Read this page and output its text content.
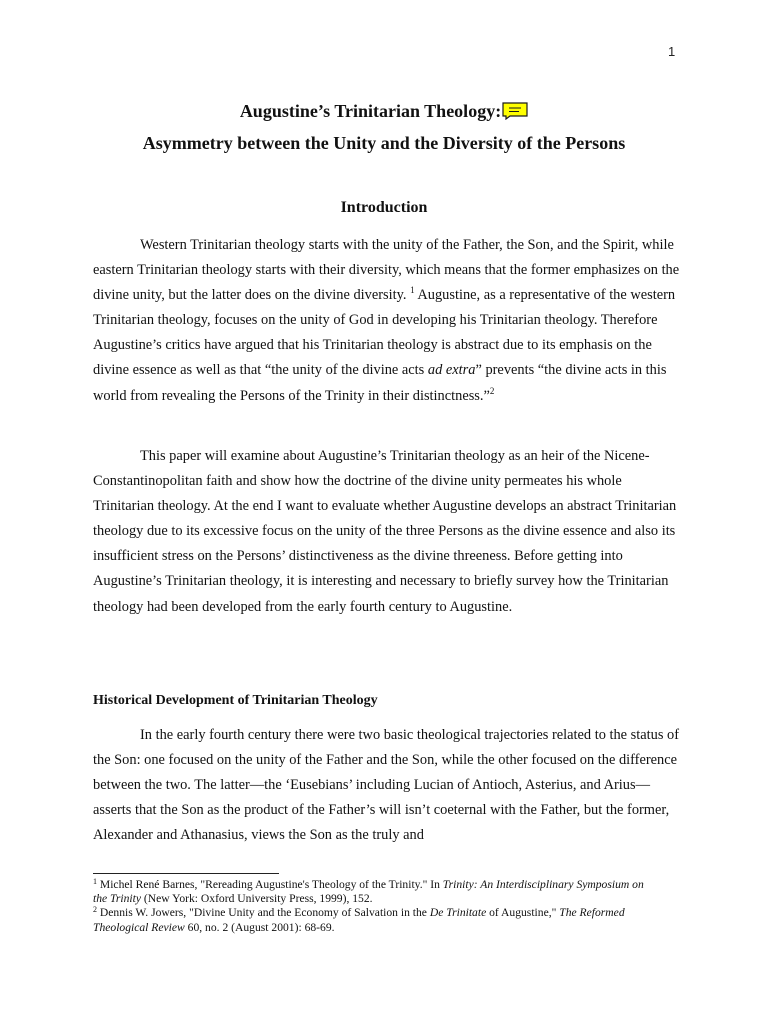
1
Augustine’s Trinitarian Theology:
Asymmetry between the Unity and the Diversity of the Persons
Introduction

Western Trinitarian theology starts with the unity of the Father, the Son, and the Spirit, while eastern Trinitarian theology starts with their diversity, which means that the former emphasizes on the divine unity, but the latter does on the divine diversity. $^1$ Augustine, as a representative of the western Trinitarian theology, focuses on the unity of God in developing his Trinitarian theology. Therefore Augustine’s critics have argued that his Trinitarian theology is abstract due to its emphasis on the divine essence as well as that “the unity of the divine acts ad extra” prevents “the divine acts in this world from revealing the Persons of the Trinity in their distinctness.”$^2$

This paper will examine about Augustine’s Trinitarian theology as an heir of the Nicene-Constantinopolitan faith and show how the doctrine of the divine unity permeates his whole Trinitarian theology. At the end I want to evaluate whether Augustine develops an abstract Trinitarian theology due to its excessive focus on the unity of the three Persons as the divine essence and also its insufficient stress on the Persons’ distinctiveness as the divine threeness. Before getting into Augustine’s Trinitarian theology, it is interesting and necessary to briefly survey how the Trinitarian theology had been developed from the early fourth century to Augustine.

Historical Development of Trinitarian Theology

In the early fourth century there were two basic theological trajectories related to the status of the Son: one focused on the unity of the Father and the Son, while the other focused on the difference between the two. The latter—the ‘Eusebians’ including Lucian of Antioch, Asterius, and Arius—asserts that the Son as the product of the Father’s will isn’t coeternal with the Father, but the former, Alexander and Athanasius, views the Son as the truly and

$^1$ Michel René Barnes, "Rereading Augustine's Theology of the Trinity." In Trinity: An Interdisciplinary Symposium on the Trinity (New York: Oxford University Press, 1999), 152.

$^2$ Dennis W. Jowers, "Divine Unity and the Economy of Salvation in the De Trinitate of Augustine," The Reformed Theological Review 60, no. 2 (August 2001): 68-69.
